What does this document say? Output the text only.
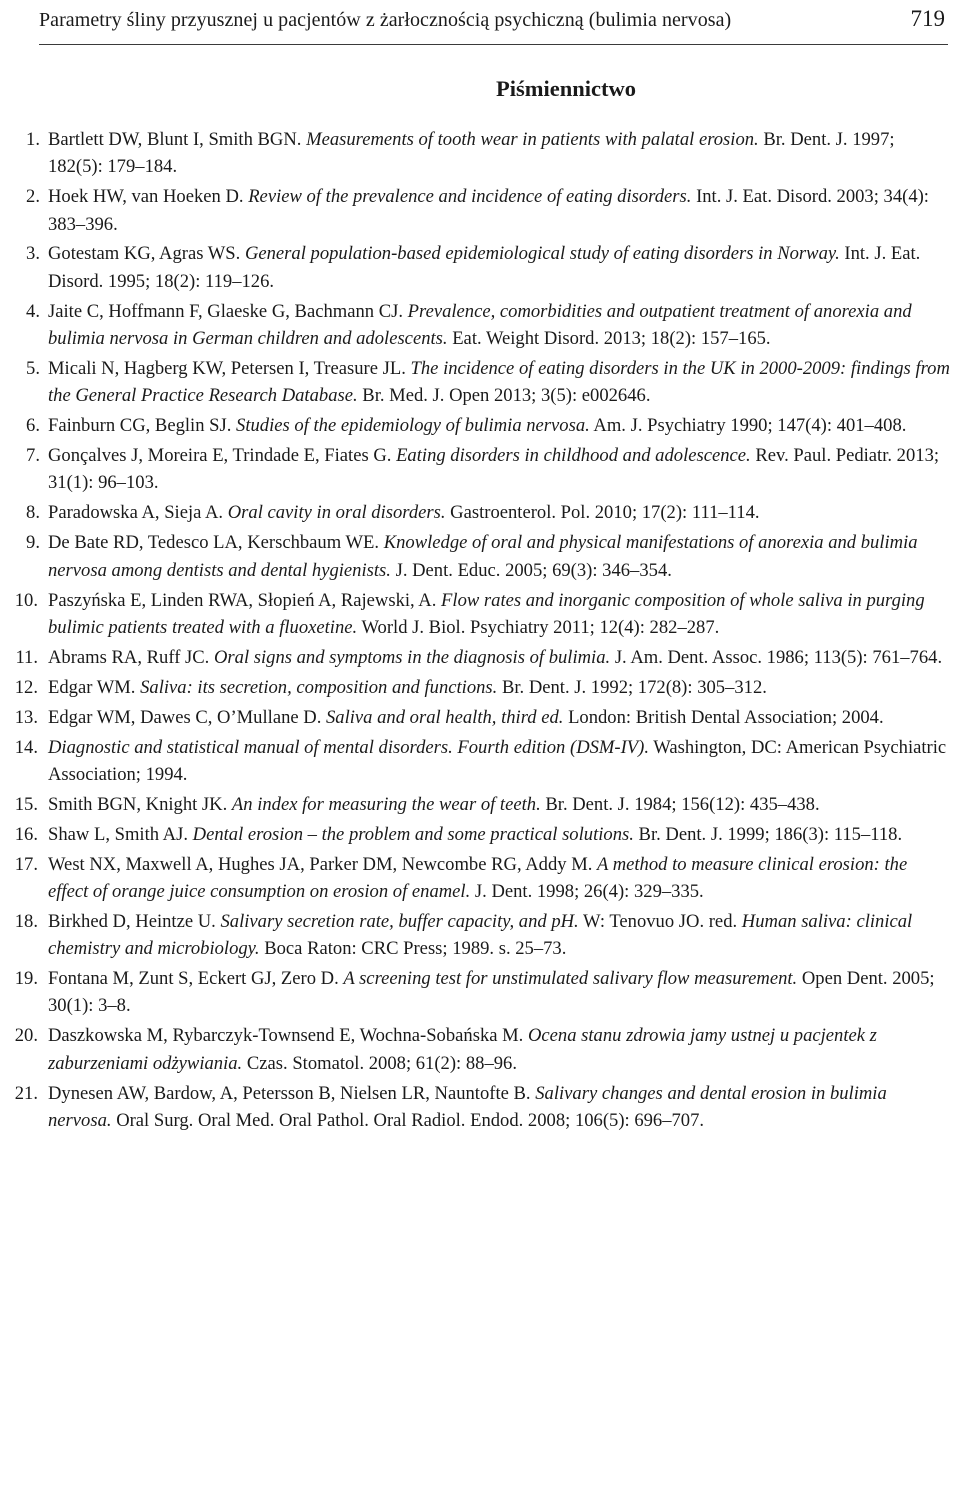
Parametry śliny przyusznej u pacjentów z żarłocznością psychiczną (bulimia nervosa)	719
Piśmiennictwo
1. Bartlett DW, Blunt I, Smith BGN. Measurements of tooth wear in patients with palatal erosion. Br. Dent. J. 1997; 182(5): 179–184.
2. Hoek HW, van Hoeken D. Review of the prevalence and incidence of eating disorders. Int. J. Eat. Disord. 2003; 34(4): 383–396.
3. Gotestam KG, Agras WS. General population-based epidemiological study of eating disorders in Norway. Int. J. Eat. Disord. 1995; 18(2): 119–126.
4. Jaite C, Hoffmann F, Glaeske G, Bachmann CJ. Prevalence, comorbidities and outpatient treatment of anorexia and bulimia nervosa in German children and adolescents. Eat. Weight Disord. 2013; 18(2): 157–165.
5. Micali N, Hagberg KW, Petersen I, Treasure JL. The incidence of eating disorders in the UK in 2000-2009: findings from the General Practice Research Database. Br. Med. J. Open 2013; 3(5): e002646.
6. Fainburn CG, Beglin SJ. Studies of the epidemiology of bulimia nervosa. Am. J. Psychiatry 1990; 147(4): 401–408.
7. Gonçalves J, Moreira E, Trindade E, Fiates G. Eating disorders in childhood and adolescence. Rev. Paul. Pediatr. 2013; 31(1): 96–103.
8. Paradowska A, Sieja A. Oral cavity in oral disorders. Gastroenterol. Pol. 2010; 17(2): 111–114.
9. De Bate RD, Tedesco LA, Kerschbaum WE. Knowledge of oral and physical manifestations of anorexia and bulimia nervosa among dentists and dental hygienists. J. Dent. Educ. 2005; 69(3): 346–354.
10. Paszyńska E, Linden RWA, Słopień A, Rajewski, A. Flow rates and inorganic composition of whole saliva in purging bulimic patients treated with a fluoxetine. World J. Biol. Psychiatry 2011; 12(4): 282–287.
11. Abrams RA, Ruff JC. Oral signs and symptoms in the diagnosis of bulimia. J. Am. Dent. Assoc. 1986; 113(5): 761–764.
12. Edgar WM. Saliva: its secretion, composition and functions. Br. Dent. J. 1992; 172(8): 305–312.
13. Edgar WM, Dawes C, O’Mullane D. Saliva and oral health, third ed. London: British Dental Association; 2004.
14. Diagnostic and statistical manual of mental disorders. Fourth edition (DSM-IV). Washington, DC: American Psychiatric Association; 1994.
15. Smith BGN, Knight JK. An index for measuring the wear of teeth. Br. Dent. J. 1984; 156(12): 435–438.
16. Shaw L, Smith AJ. Dental erosion – the problem and some practical solutions. Br. Dent. J. 1999; 186(3): 115–118.
17. West NX, Maxwell A, Hughes JA, Parker DM, Newcombe RG, Addy M. A method to measure clinical erosion: the effect of orange juice consumption on erosion of enamel. J. Dent. 1998; 26(4): 329–335.
18. Birkhed D, Heintze U. Salivary secretion rate, buffer capacity, and pH. W: Tenovuo JO. red. Human saliva: clinical chemistry and microbiology. Boca Raton: CRC Press; 1989. s. 25–73.
19. Fontana M, Zunt S, Eckert GJ, Zero D. A screening test for unstimulated salivary flow measurement. Open Dent. 2005; 30(1): 3–8.
20. Daszkowska M, Rybarczyk-Townsend E, Wochna-Sobańska M. Ocena stanu zdrowia jamy ustnej u pacjentek z zaburzeniami odżywiania. Czas. Stomatol. 2008; 61(2): 88–96.
21. Dynesen AW, Bardow, A, Petersson B, Nielsen LR, Nauntofte B. Salivary changes and dental erosion in bulimia nervosa. Oral Surg. Oral Med. Oral Pathol. Oral Radiol. Endod. 2008; 106(5): 696–707.
